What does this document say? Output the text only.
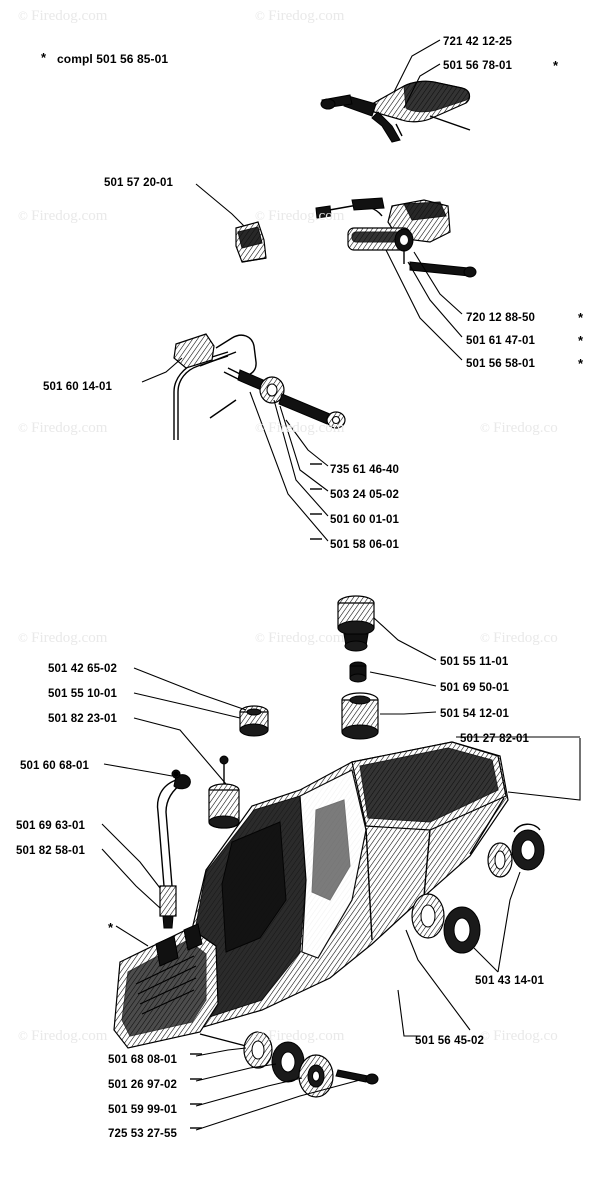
© Firedog.com	© Firedog.com
© Firedog.com	© Firedog.com
© Firedog.com	© Firedog.com	© Firedog.co
© Firedog.com	© Firedog.com	© Firedog.co
© Firedog.com	© Firedog.com	© Firedog.co
compl 501 56 85-01
*
721 42 12-25
501 56 78-01	*
501 57 20-01
720 12 88-50	*
501 61 47-01	*
501 56 58-01	*
501 60 14-01
735 61 46-40
503 24 05-02
501 60 01-01
501 58 06-01
501 55 11-01
501 69 50-01
501 54 12-01
501 27 82-01
501 42 65-02
501 55 10-01
501 82 23-01
501 60 68-01
501 69 63-01
501 82 58-01
501 43 14-01
501 56 45-02
501 68 08-01
501 26 97-02
501 59 99-01
725 53 27-55
*
